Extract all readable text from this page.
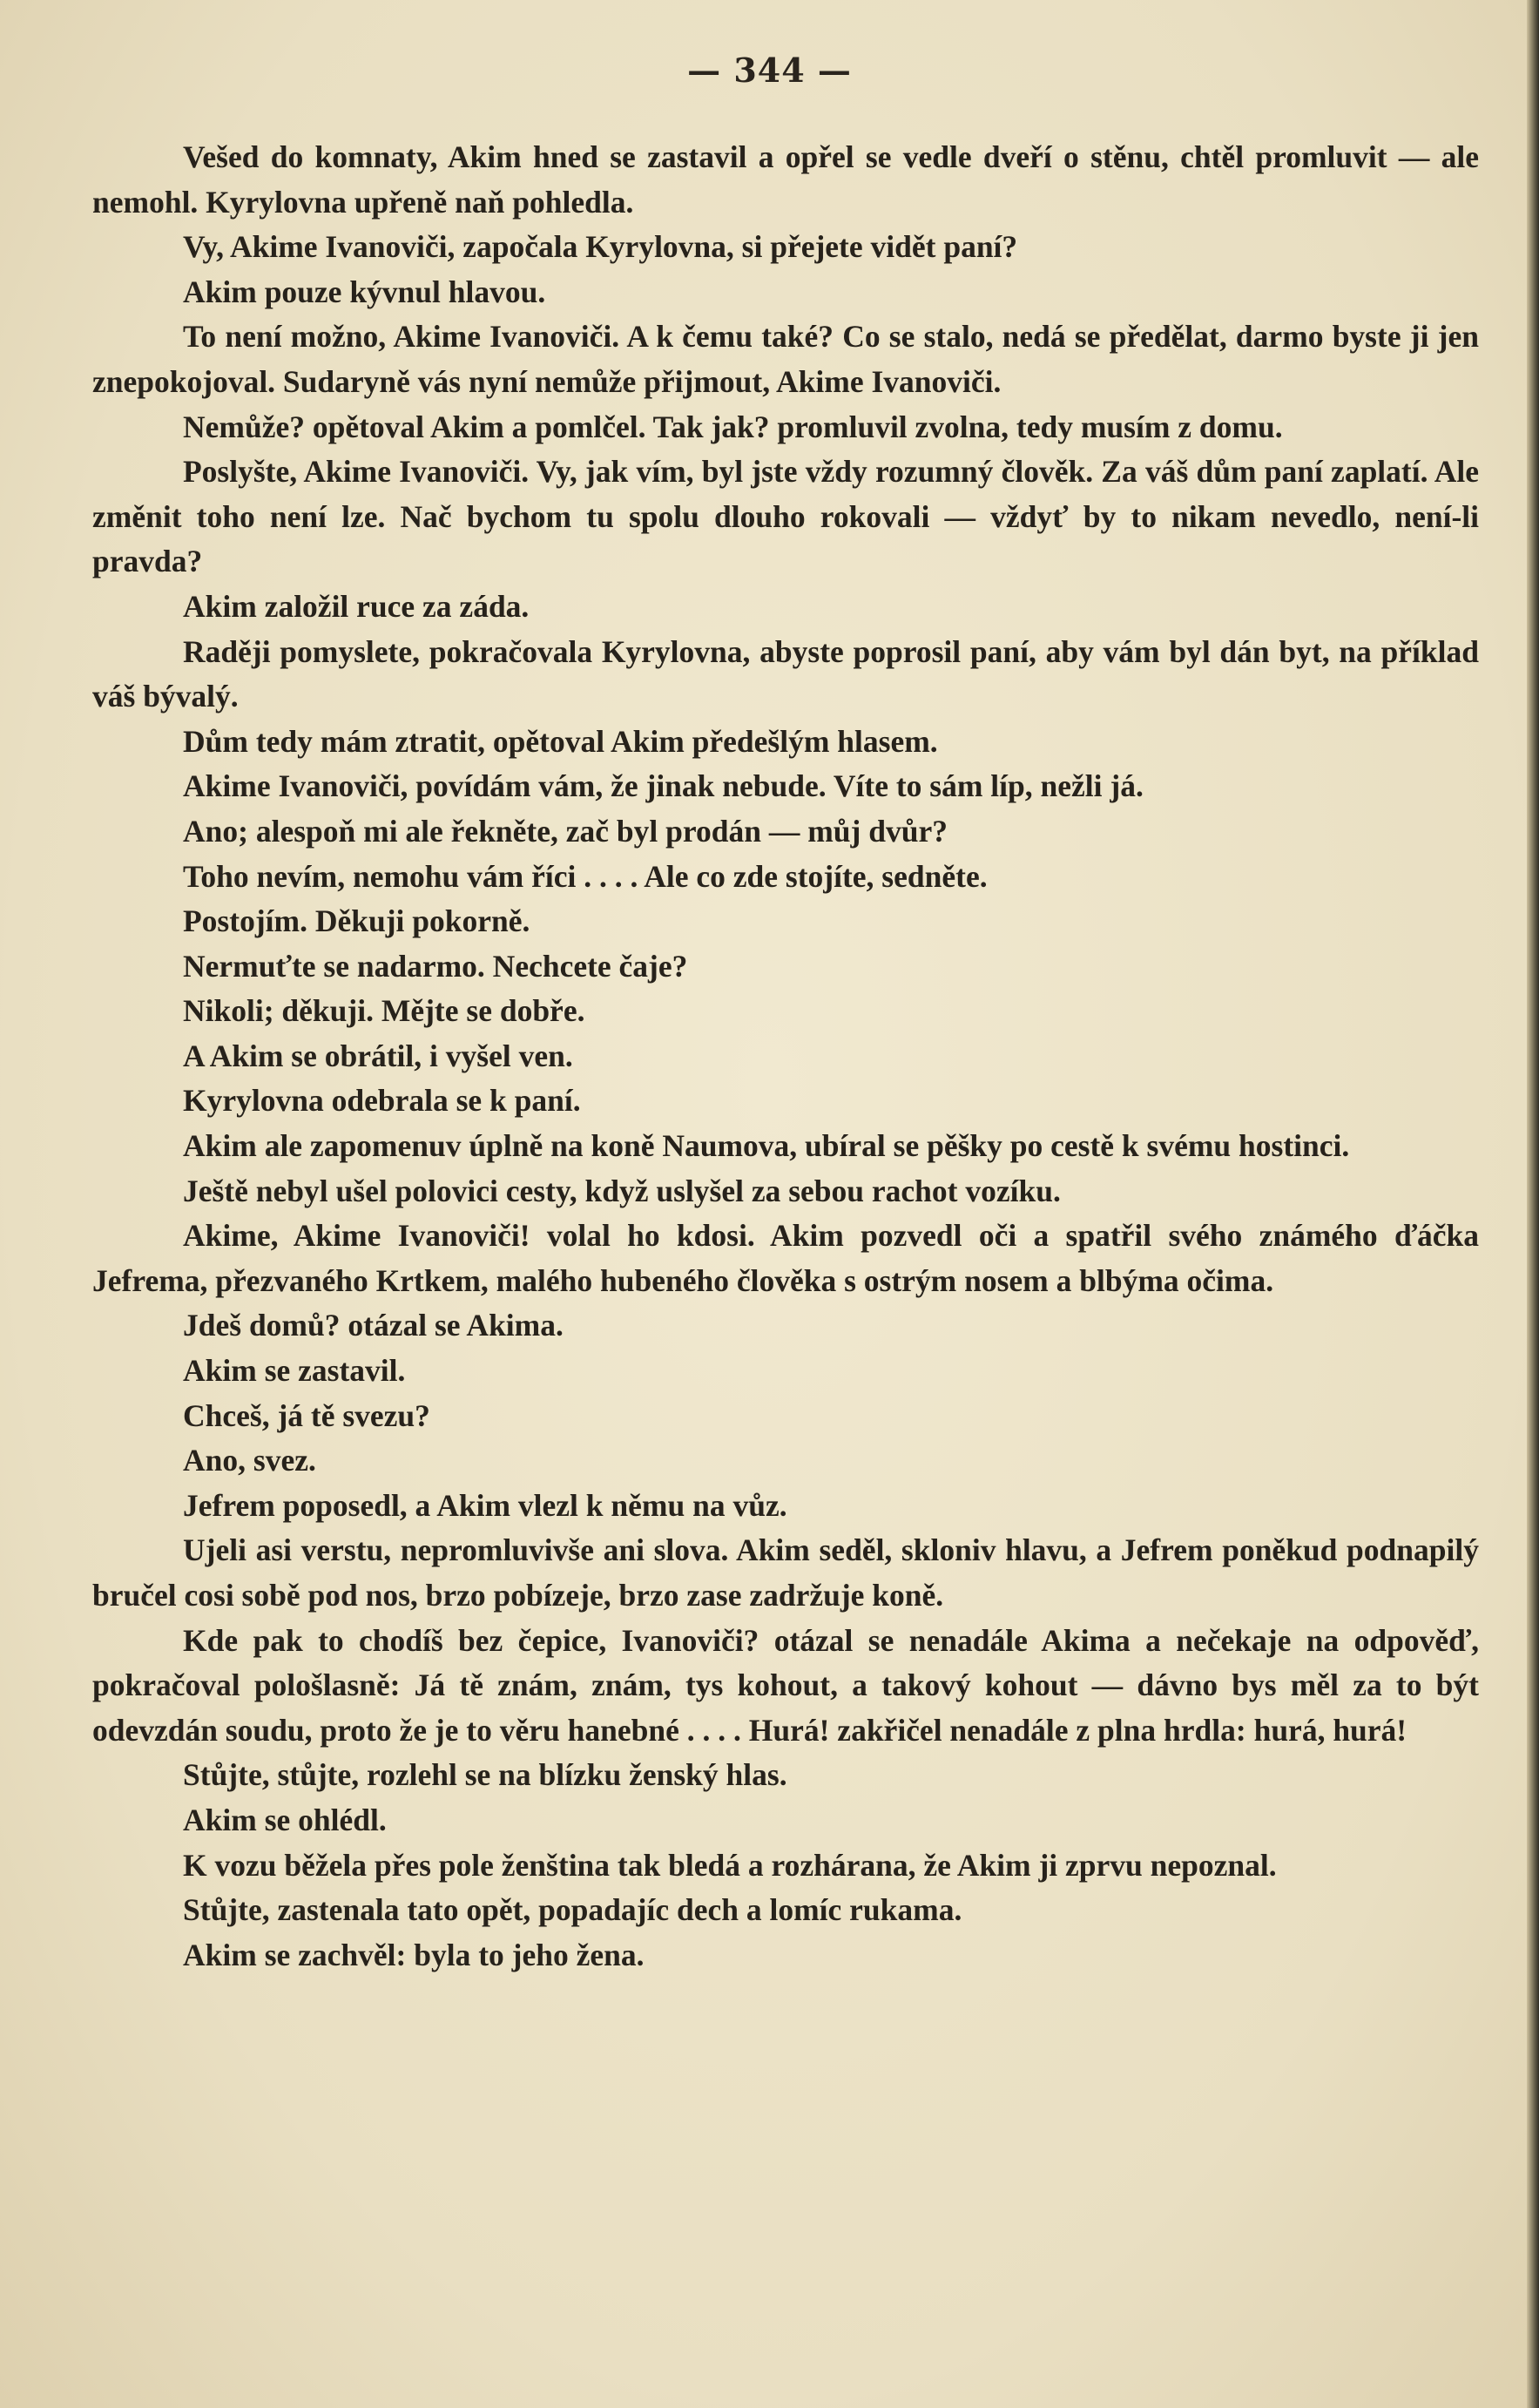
— 344 —

Vešed do komnaty, Akim hned se zastavil a opřel se vedle dveří o stěnu, chtěl promluvit — ale nemohl. Kyrylovna upřeně naň pohledla.

Vy, Akime Ivanoviči, započala Kyrylovna, si přejete vidět paní?

Akim pouze kývnul hlavou.

To není možno, Akime Ivanoviči. A k čemu také? Co se stalo, nedá se předělat, darmo byste ji jen znepokojoval. Sudaryně vás nyní nemůže přijmout, Akime Ivanoviči.

Nemůže? opětoval Akim a pomlčel. Tak jak? promluvil zvolna, tedy musím z domu.

Poslyšte, Akime Ivanoviči. Vy, jak vím, byl jste vždy rozumný člověk. Za váš dům paní zaplatí. Ale změnit toho není lze. Nač bychom tu spolu dlouho rokovali — vždyť by to nikam nevedlo, není-li pravda?

Akim založil ruce za záda.

Raději pomyslete, pokračovala Kyrylovna, abyste poprosil paní, aby vám byl dán byt, na příklad váš bývalý.

Dům tedy mám ztratit, opětoval Akim předešlým hlasem.

Akime Ivanoviči, povídám vám, že jinak nebude. Víte to sám líp, nežli já.

Ano; alespoň mi ale řekněte, zač byl prodán — můj dvůr?

Toho nevím, nemohu vám říci . . . . Ale co zde stojíte, sedněte.

Postojím. Děkuji pokorně.

Nermuťte se nadarmo. Nechcete čaje?

Nikoli; děkuji. Mějte se dobře.

A Akim se obrátil, i vyšel ven.

Kyrylovna odebrala se k paní.

Akim ale zapomenuv úplně na koně Naumova, ubíral se pěšky po cestě k svému hostinci.

Ještě nebyl ušel polovici cesty, když uslyšel za sebou rachot vozíku.

Akime, Akime Ivanoviči! volal ho kdosi. Akim pozvedl oči a spatřil svého známého ďáčka Jefrema, přezvaného Krtkem, malého hubeného člověka s ostrým nosem a blbýma očima.

Jdeš domů? otázal se Akima.

Akim se zastavil.

Chceš, já tě svezu?

Ano, svez.

Jefrem poposedl, a Akim vlezl k němu na vůz.

Ujeli asi verstu, nepromluvivše ani slova. Akim seděl, skloniv hlavu, a Jefrem poněkud podnapilý bručel cosi sobě pod nos, brzo pobízeje, brzo zase zadržuje koně.

Kde pak to chodíš bez čepice, Ivanoviči? otázal se nenadále Akima a nečekaje na odpověď, pokračoval pološlasně: Já tě znám, znám, tys kohout, a takový kohout — dávno bys měl za to být odevzdán soudu, proto že je to věru hanebné . . . . Hurá! zakřičel nenadále z plna hrdla: hurá, hurá!

Stůjte, stůjte, rozlehl se na blízku ženský hlas.

Akim se ohlédl.

K vozu běžela přes pole ženština tak bledá a rozhárana, že Akim ji zprvu nepoznal.

Stůjte, zastenala tato opět, popadajíc dech a lomíc rukama.

Akim se zachvěl: byla to jeho žena.
